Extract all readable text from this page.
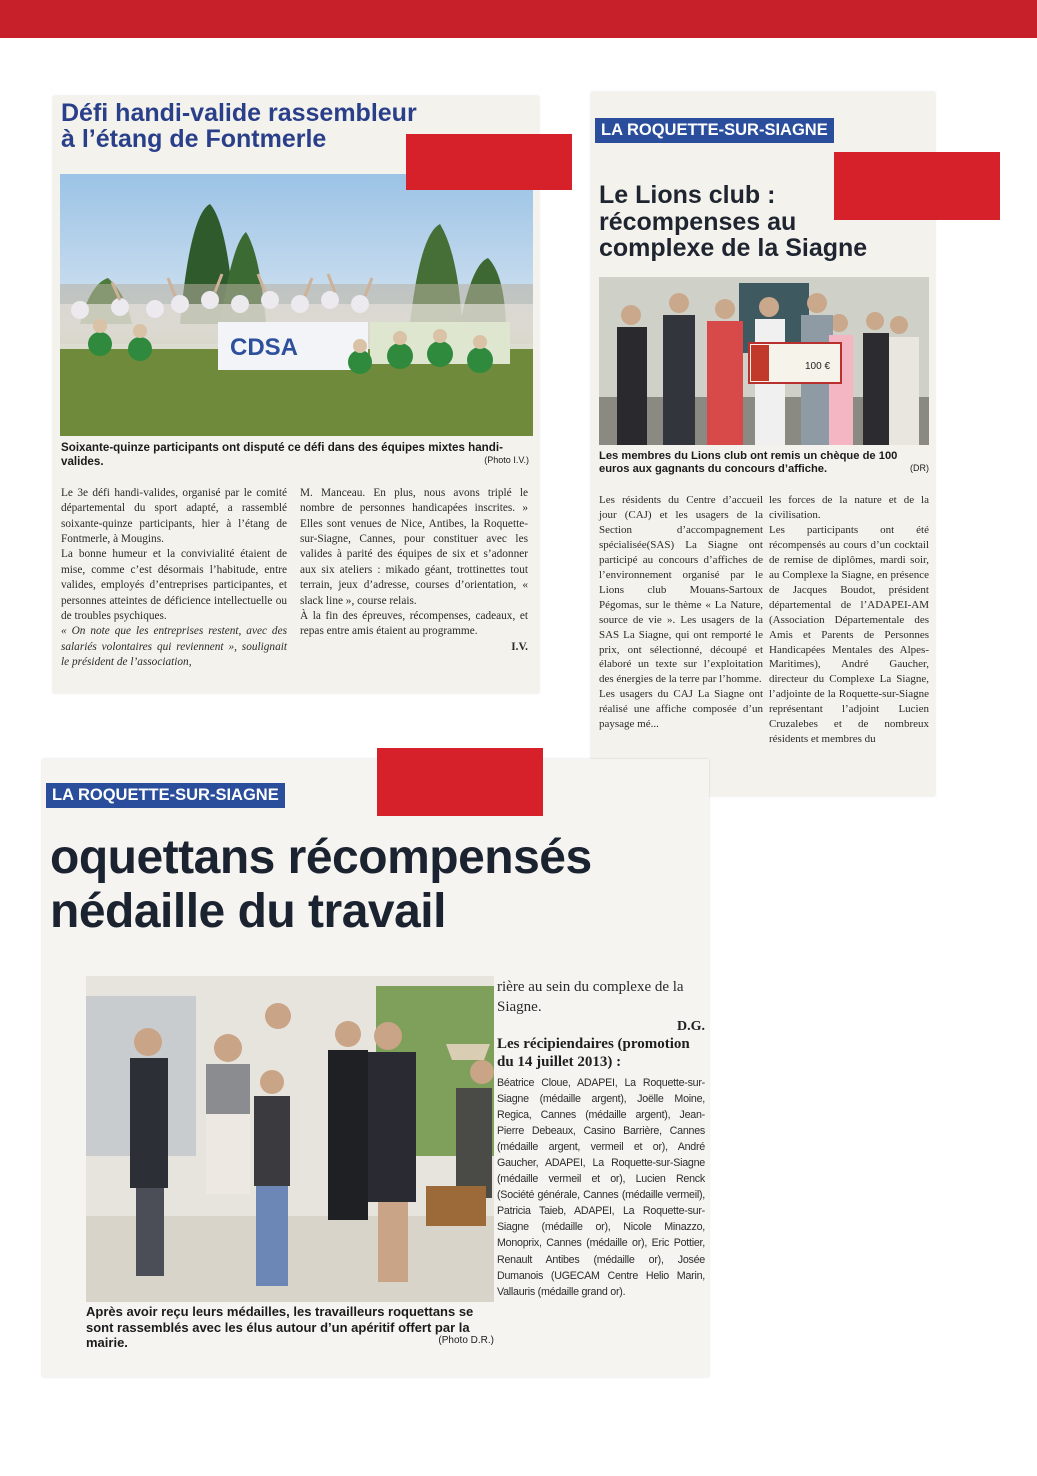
Défi handi-valide rassembleur
à l’étang de Fontmerle
CDSA
Soixante-quinze participants ont disputé ce défi dans des équipes mixtes handi-valides.	(Photo I.V.)

Le 3e défi handi-valides, organisé par le comité départemental du sport adapté, a rassemblé soixante-quinze participants, hier à l’étang de Fontmerle, à Mougins.

La bonne humeur et la convivialité étaient de mise, comme c’est désormais l’habitude, entre valides, employés d’entreprises participantes, et personnes atteintes de déficience intellectuelle ou de troubles psychiques.

« On note que les entreprises restent, avec des salariés volontaires qui reviennent », soulignait le président de l’association,

M. Manceau. En plus, nous avons triplé le nombre de personnes handicapées inscrites. » Elles sont venues de Nice, Antibes, la Roquette-sur-Siagne, Cannes, pour constituer avec les valides à parité des équipes de six et s’adonner aux six ateliers : mikado géant, trottinettes tout terrain, jeux d’adresse, courses d’orientation, « slack line », course relais.

À la fin des épreuves, récompenses, cadeaux, et repas entre amis étaient au programme.

I.V.

LA ROQUETTE-SUR-SIAGNE
Le Lions club :
récompenses au
complexe de la Siagne
100 €
Les membres du Lions club ont remis un chèque de 100 euros aux gagnants du concours d’affiche.	(DR)

Les résidents du Centre d’accueil jour (CAJ) et les usagers de la Section d’accompagnement spécialisée(SAS) La Siagne ont participé au concours d’affiches de l’environnement organisé par le Lions club Mouans-Sartoux Pégomas, sur le thème « La Nature, source de vie ». Les usagers de la SAS La Siagne, qui ont remporté le prix, ont sélectionné, découpé et élaboré un texte sur l’exploitation des énergies de la terre par l’homme.

Les usagers du CAJ La Siagne ont réalisé une affiche composée d’un paysage mé...

les forces de la nature et de la civilisation.

Les participants ont été récompensés au cours d’un cocktail de remise de diplômes, mardi soir, au Complexe la Siagne, en présence de Jacques Boudot, président départemental de l’ADAPEI-AM (Association Départementale des Amis et Parents de Personnes Handicapées Mentales des Alpes-Maritimes), André Gaucher, directeur du Complexe La Siagne, l’adjointe de la Roquette-sur-Siagne représentant l’adjoint Lucien Cruzalebes et de nombreux résidents et membres du

LA ROQUETTE-SUR-SIAGNE
oquettans récompensés
nédaille du travail
Après avoir reçu leurs médailles, les travailleurs roquettans se sont rassemblés avec les élus autour d’un apéritif offert par la mairie.	(Photo D.R.)
rière au sein du complexe de la Siagne.
D.G.
Les récipiendaires (promotion du 14 juillet 2013) :
Béatrice Cloue, ADAPEI, La Roquette-sur-Siagne (médaille argent), Joëlle Moine, Regica, Cannes (médaille argent), Jean-Pierre Debeaux, Casino Barrière, Cannes (médaille argent, vermeil et or), André Gaucher, ADAPEI, La Roquette-sur-Siagne (médaille vermeil et or), Lucien Renck (Société générale, Cannes (médaille vermeil), Patricia Taieb, ADAPEI, La Roquette-sur-Siagne (médaille or), Nicole Minazzo, Monoprix, Cannes (médaille or), Eric Pottier, Renault Antibes (médaille or), Josée Dumanois (UGECAM Centre Helio Marin, Vallauris (médaille grand or).
